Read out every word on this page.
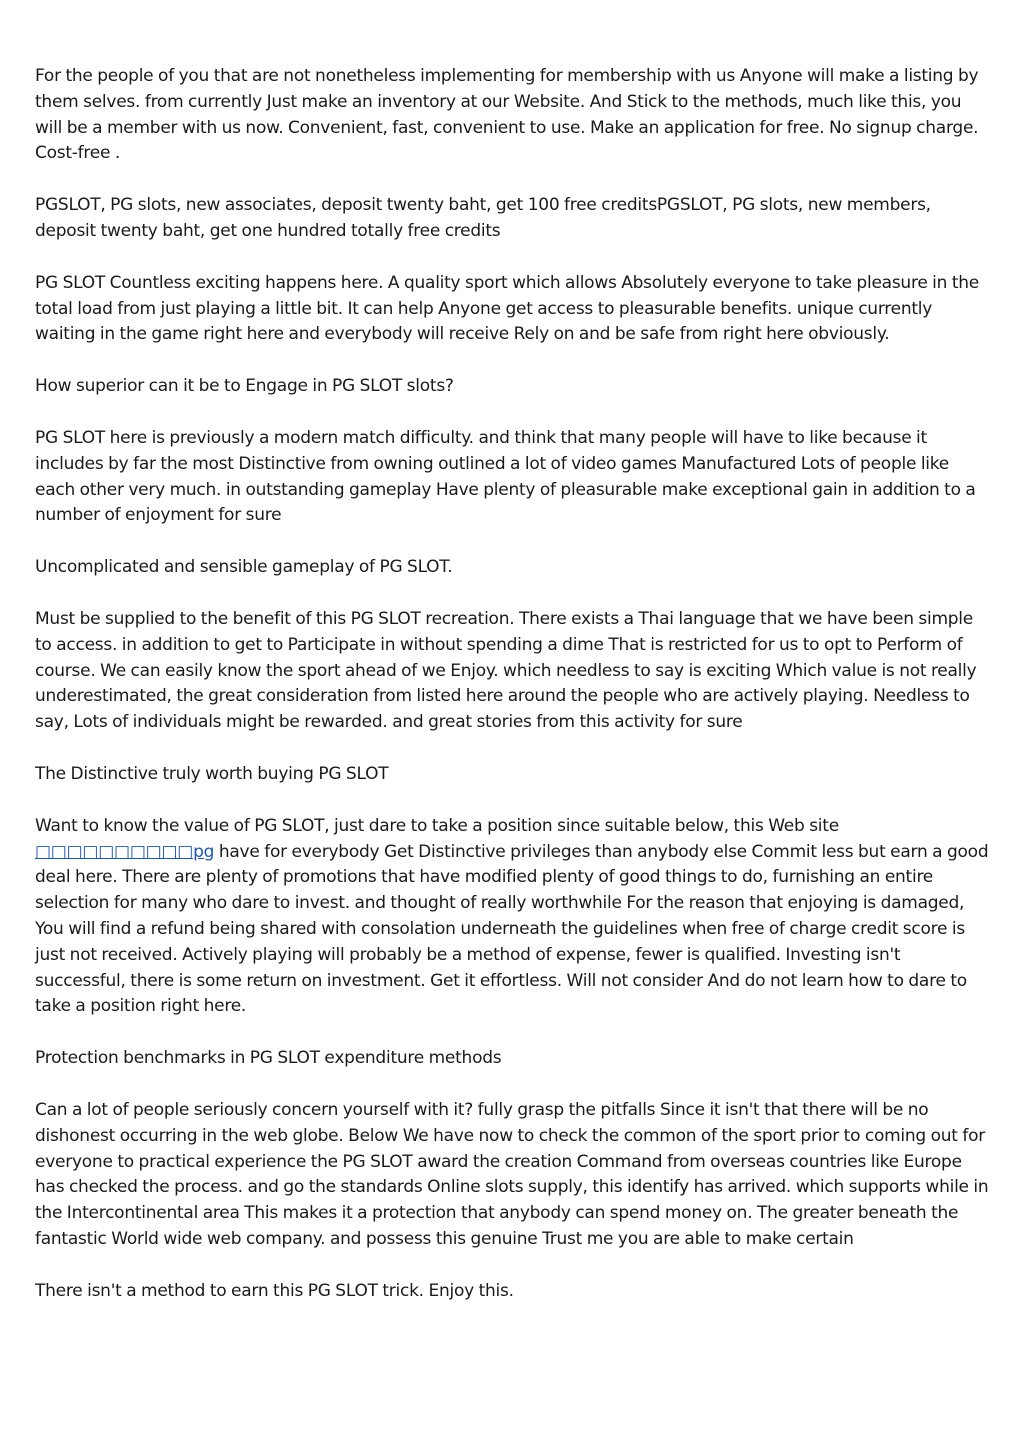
For the people of you that are not nonetheless implementing for membership with us Anyone will make a listing by them selves. from currently Just make an inventory at our Website. And Stick to the methods, much like this, you will be a member with us now. Convenient, fast, convenient to use. Make an application for free. No signup charge. Cost-free .

PGSLOT, PG slots, new associates, deposit twenty baht, get 100 free creditsPGSLOT, PG slots, new members, deposit twenty baht, get one hundred totally free credits

PG SLOT Countless exciting happens here. A quality sport which allows Absolutely everyone to take pleasure in the total load from just playing a little bit. It can help Anyone get access to pleasurable benefits. unique currently waiting in the game right here and everybody will receive Rely on and be safe from right here obviously.

How superior can it be to Engage in PG SLOT slots?

PG SLOT here is previously a modern match difficulty. and think that many people will have to like because it includes by far the most Distinctive from owning outlined a lot of video games Manufactured Lots of people like each other very much. in outstanding gameplay Have plenty of pleasurable make exceptional gain in addition to a number of enjoyment for sure

Uncomplicated and sensible gameplay of PG SLOT.

Must be supplied to the benefit of this PG SLOT recreation. There exists a Thai language that we have been simple to access. in addition to get to Participate in without spending a dime That is restricted for us to opt to Perform of course. We can easily know the sport ahead of we Enjoy. which needless to say is exciting Which value is not really underestimated, the great consideration from listed here around the people who are actively playing. Needless to say, Lots of individuals might be rewarded. and great stories from this activity for sure

The Distinctive truly worth buying PG SLOT

Want to know the value of PG SLOT, just dare to take a position since suitable below, this Web site □□□□□□□□□□pg have for everybody Get Distinctive privileges than anybody else Commit less but earn a good deal here. There are plenty of promotions that have modified plenty of good things to do, furnishing an entire selection for many who dare to invest. and thought of really worthwhile For the reason that enjoying is damaged, You will find a refund being shared with consolation underneath the guidelines when free of charge credit score is just not received. Actively playing will probably be a method of expense, fewer is qualified. Investing isn't successful, there is some return on investment. Get it effortless. Will not consider And do not learn how to dare to take a position right here.

Protection benchmarks in PG SLOT expenditure methods

Can a lot of people seriously concern yourself with it? fully grasp the pitfalls Since it isn't that there will be no dishonest occurring in the web globe. Below We have now to check the common of the sport prior to coming out for everyone to practical experience the PG SLOT award the creation Command from overseas countries like Europe has checked the process. and go the standards Online slots supply, this identify has arrived. which supports while in the Intercontinental area This makes it a protection that anybody can spend money on. The greater beneath the fantastic World wide web company. and possess this genuine Trust me you are able to make certain

There isn't a method to earn this PG SLOT trick. Enjoy this.
